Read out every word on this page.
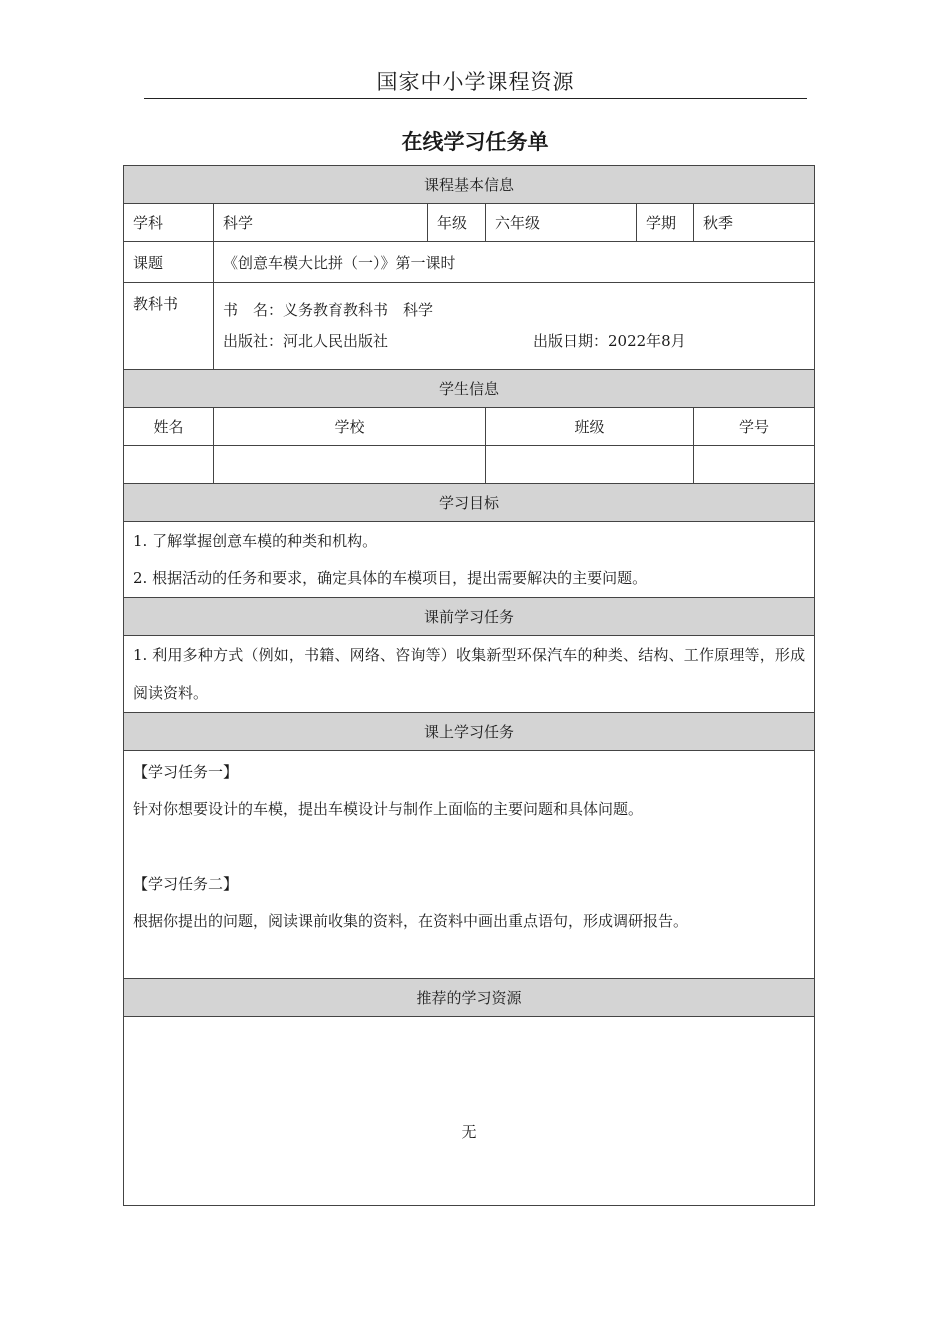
国家中小学课程资源
在线学习任务单
课程基本信息					
学科	科学	年级	六年级	学期	秋季
课题	《创意车模大比拼（一）》第一课时				
教科书	书　名：义务教育教科书　科学
出版社：河北人民出版社 出版日期：2022年8月				

学生信息					
姓名	学校		班级		学号

学习目标					

1. 了解掌握创意车模的种类和机构。
2. 根据活动的任务和要求，确定具体的车模项目，提出需要解决的主要问题。					

课前学习任务					
1. 利用多种方式（例如，书籍、网络、咨询等）收集新型环保汽车的种类、结构、工作原理等，形成阅读资料。					
课上学习任务					

【学习任务一】
针对你想要设计的车模，提出车模设计与制作上面临的主要问题和具体问题。
【学习任务二】
根据你提出的问题，阅读课前收集的资料，在资料中画出重点语句，形成调研报告。					

推荐的学习资源					
无					
